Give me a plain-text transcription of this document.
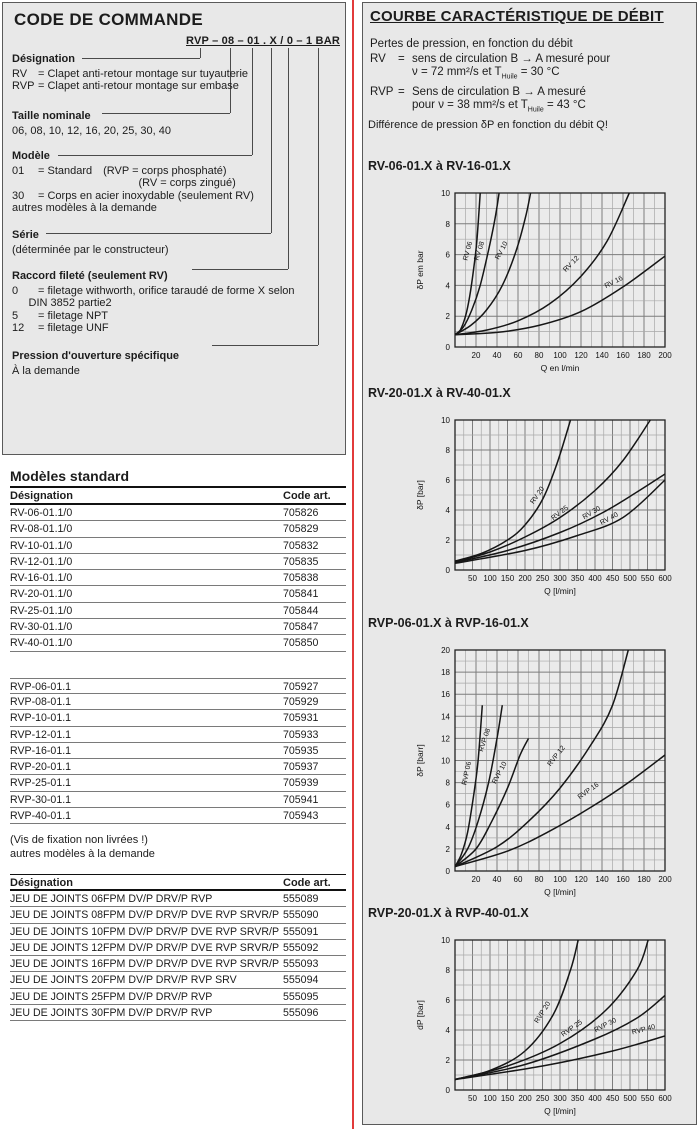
CODE DE COMMANDE
RVP – 08 – 01 . X / 0 – 1 BAR
Désignation
RV = Clapet anti-retour montage sur tuyauterie
RVP = Clapet anti-retour montage sur embase
Taille nominale
06, 08, 10, 12, 16, 20, 25, 30, 40
Modèle
01 = Standard  (RVP = corps phosphaté)
            (RV = corps zingué)
30 = Corps en acier inoxydable (seulement RV)
autres modèles à la demande
Série
(déterminée par le constructeur)
Raccord fileté (seulement RV)
0 = filetage withworth, orifice taraudé de forme X selon
  DIN 3852 partie2
5 = filetage NPT
12 = filetage UNF
Pression d'ouverture spécifique
À la demande
Modèles standard
Désignation	Code art.
RV-06-01.1/0	705826
RV-08-01.1/0	705829
RV-10-01.1/0	705832
RV-12-01.1/0	705835
RV-16-01.1/0	705838
RV-20-01.1/0	705841
RV-25-01.1/0	705844
RV-30-01.1/0	705847
RV-40-01.1/0	705850
RVP-06-01.1	705927
RVP-08-01.1	705929
RVP-10-01.1	705931
RVP-12-01.1	705933
RVP-16-01.1	705935
RVP-20-01.1	705937
RVP-25-01.1	705939
RVP-30-01.1	705941
RVP-40-01.1	705943
(Vis de fixation non livrées !)
autres modèles à la demande
Désignation	Code art.
JEU DE JOINTS 06FPM DV/P DRV/P RVP	555089
JEU DE JOINTS 08FPM DV/P DRV/P DVE RVP SRVR/P 555090
JEU DE JOINTS 10FPM DV/P DRV/P DVE RVP SRVR/P 555091
JEU DE JOINTS 12FPM DV/P DRV/P DVE RVP SRVR/P 555092
JEU DE JOINTS 16FPM DV/P DRV/P DVE RVP SRVR/P 555093
JEU DE JOINTS 20FPM DV/P DRV/P RVP SRV	555094
JEU DE JOINTS 25FPM DV/P DRV/P RVP	555095
JEU DE JOINTS 30FPM DV/P DRV/P RVP	555096
COURBE CARACTÉRISTIQUE DE DÉBIT
Pertes de pression, en fonction du débit
RV = sens de circulation B → A mesuré pour
ν = 72 mm²/s et $T_{Huile} = 30$ °C
RVP = Sens de circulation B → A mesuré
pour ν = 38 mm²/s et $T_{Huile} = 43$ °C
Différence de pression δP en fonction du débit Q!
RV-06-01.X à RV-16-01.X
0
2
4
6
8
10
20 40 60 80 100 120 140 160 180 200
δP em bar
Q en l/min
RV 06 RV 08 RV 10
RV 12
RV 16
RV-20-01.X à RV-40-01.X
0
2
4
6
8
10
50 100 150 200 250 300 350 400 450 500 550 600
δP [bar]
Q [l/min]
RV 20
RV 25 RV 30
RV 40
RVP-06-01.X à RVP-16-01.X
0
2
4
6
8
10
12
14
16
18
20
20 40 60 80 100 120 140 160 180 200
δP [barr]
Q [l/min]
RVP 06
RVP 08
RVP 10
RVP 12
RVP 16
RVP-20-01.X à RVP-40-01.X
0
2
4
6
8
10
50 100 150 200 250 300 350 400 450 500 550 600
dP [bar]
Q [l/min]
RVP 20
RVP 25 RVP 30 RVP 40
